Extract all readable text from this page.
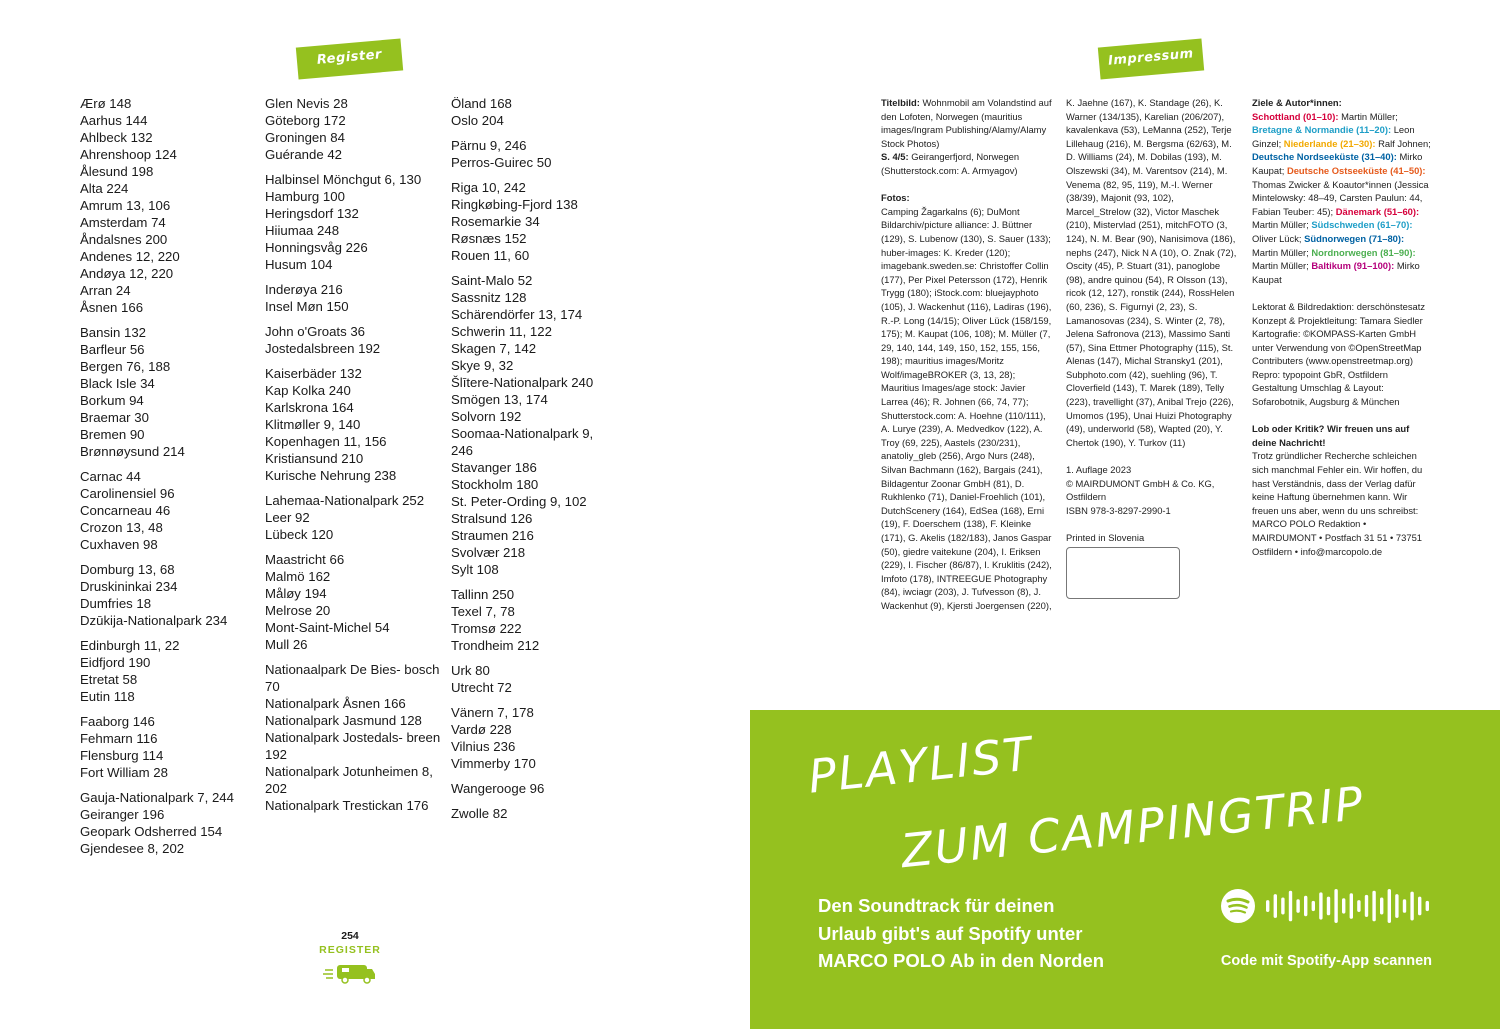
Register	Impressum
Ærø 148
Aarhus 144
Ahlbeck 132
Ahrenshoop 124
Ålesund 198
Alta 224
Amrum 13, 106
Amsterdam 74
Åndalsnes 200
Andenes 12, 220
Andøya 12, 220
Arran 24
Åsnen 166
Bansin 132
Barfleur 56
Bergen 76, 188
Black Isle 34
Borkum 94
Braemar 30
Bremen 90
Brønnøysund 214
Carnac 44
Carolinensiel 96
Concarneau 46
Crozon 13, 48
Cuxhaven 98
Domburg 13, 68
Druskininkai 234
Dumfries 18
Dzūkija-Nationalpark 234
Edinburgh 11, 22
Eidfjord 190
Etretat 58
Eutin 118
Faaborg 146
Fehmarn 116
Flensburg 114
Fort William 28
Gauja-Nationalpark 7, 244
Geiranger 196
Geopark Odsherred 154
Gjendesee 8, 202
Glen Nevis 28
Göteborg 172
Groningen 84
Guérande 42
Halbinsel Mönchgut 6, 130
Hamburg 100
Heringsdorf 132
Hiiumaa 248
Honningsvåg 226
Husum 104
Inderøya 216
Insel Møn 150
John o'Groats 36
Jostedalsbreen 192
Kaiserbäder 132
Kap Kolka 240
Karlskrona 164
Klitmøller 9, 140
Kopenhagen 11, 156
Kristiansund 210
Kurische Nehrung 238
Lahemaa-Nationalpark 252
Leer 92
Lübeck 120
Maastricht 66
Malmö 162
Måløy 194
Melrose 20
Mont-Saint-Michel 54
Mull 26
Nationaalpark De Bies- bosch 70
Nationalpark Åsnen 166
Nationalpark Jasmund 128
Nationalpark Jostedals- breen 192
Nationalpark Jotunheimen 8, 202
Nationalpark Trestickan 176
Öland 168
Oslo 204
Pärnu 9, 246
Perros-Guirec 50
Riga 10, 242
Ringkøbing-Fjord 138
Rosemarkie 34
Røsnæs 152
Rouen 11, 60
Saint-Malo 52
Sassnitz 128
Schärendörfer 13, 174
Schwerin 11, 122
Skagen 7, 142
Skye 9, 32
Šlītere-Nationalpark 240
Smögen 13, 174
Solvorn 192
Soomaa-Nationalpark 9, 246
Stavanger 186
Stockholm 180
St. Peter-Ording 9, 102
Stralsund 126
Straumen 216
Svolvær 218
Sylt 108
Tallinn 250
Texel 7, 78
Tromsø 222
Trondheim 212
Urk 80
Utrecht 72
Vänern 7, 178
Vardø 228
Vilnius 236
Vimmerby 170
Wangerooge 96
Zwolle 82
254
REGISTER

Titelbild: Wohnmobil am Volandstind auf den Lofoten, Norwegen (mauritius images/Ingram Publishing/Alamy/Alamy Stock Photos)
S. 4/5: Geirangerfjord, Norwegen (Shutterstock.com: A. Armyagov)

Fotos:
Camping Žagarkalns (6); DuMont Bildarchiv/picture alliance: J. Büttner (129), S. Lubenow (130), S. Sauer (133); huber-images: K. Kreder (120); imagebank.sweden.se: Christoffer Collin (177), Per Pixel Petersson (172), Henrik Trygg (180); iStock.com: bluejayphoto (105), J. Wackenhut (116), Ladiras (196), R.-P. Long (14/15); Oliver Lück (158/159, 175); M. Kaupat (106, 108); M. Müller (7, 29, 140, 144, 149, 150, 152, 155, 156, 198); mauritius images/Moritz Wolf/imageBROKER (3, 13, 28); Mauritius Images/age stock: Javier Larrea (46); R. Johnen (66, 74, 77); Shutterstock.com: A. Hoehne (110/111), A. Lurye (239), A. Medvedkov (122), A. Troy (69, 225), Aastels (230/231), anatoliy_gleb (256), Argo Nurs (248), Silvan Bachmann (162), Bargais (241), Bildagentur Zoonar GmbH (81), D. Rukhlenko (71), Daniel-Froehlich (101), DutchScenery (164), EdSea (168), Erni (19), F. Doerschem (138), F. Kleinke (171), G. Akelis (182/183), Janos Gaspar (50), giedre vaitekune (204), I. Eriksen (229), I. Fischer (86/87), I. Kruklitis (242), Imfoto (178), INTREEGUE Photography (84), iwciagr (203), J. Tufvesson (8), J. Wackenhut (9), Kjersti Joergensen (220),

K. Jaehne (167), K. Standage (26), K. Warner (134/135), Karelian (206/207), kavalenkava (53), LeManna (252), Terje Lillehaug (216), M. Bergsma (62/63), M. D. Williams (24), M. Dobilas (193), M. Olszewski (34), M. Varentsov (214), M. Venema (82, 95, 119), M.-I. Werner (38/39), Majonit (93, 102), Marcel_Strelow (32), Victor Maschek (210), Mistervlad (251), mitchFOTO (3, 124), N. M. Bear (90), Nanisimova (186), nephs (247), Nick N A (10), O. Znak (72), Oscity (45), P. Stuart (31), panoglobe (98), andre quinou (54), R Olsson (13), ricok (12, 127), ronstik (244), RossHelen (60, 236), S. Figurnyi (2, 23), S. Lamanosovas (234), S. Winter (2, 78), Jelena Safronova (213), Massimo Santi (57), Sina Ettmer Photography (115), St. Alenas (147), Michal Stransky1 (201), Subphoto.com (42), suehling (96), T. Cloverfield (143), T. Marek (189), Telly (223), travellight (37), Anibal Trejo (226), Umomos (195), Unai Huizi Photography (49), underworld (58), Wapted (20), Y. Chertok (190), Y. Turkov (11)

1. Auflage 2023
© MAIRDUMONT GmbH & Co. KG, Ostfildern
ISBN 978-3-8297-2990-1

Printed in Slovenia

Ziele & Autor*innen:
Schottland (01–10): Martin Müller; Bretagne & Normandie (11–20): Leon Ginzel; Niederlande (21–30): Ralf Johnen; Deutsche Nordseeküste (31–40): Mirko Kaupat; Deutsche Ostseeküste (41–50): Thomas Zwicker & Koautor*innen (Jessica Mintelowsky: 48–49, Carsten Paulun: 44, Fabian Teuber: 45); Dänemark (51–60): Martin Müller; Südschweden (61–70): Oliver Lück; Südnorwegen (71–80): Martin Müller; Nordnorwegen (81–90): Martin Müller; Baltikum (91–100): Mirko Kaupat

Lektorat & Bildredaktion: derschönstesatz Konzept & Projektleitung: Tamara Siedler Kartografie: ©KOMPASS-Karten GmbH unter Verwendung von ©OpenStreetMap Contributers (www.openstreetmap.org) Repro: typopoint GbR, Ostfildern Gestaltung Umschlag & Layout: Sofarobotnik, Augsburg & München

Lob oder Kritik? Wir freuen uns auf deine Nachricht!
Trotz gründlicher Recherche schleichen sich manchmal Fehler ein. Wir hoffen, du hast Verständnis, dass der Verlag dafür keine Haftung übernehmen kann. Wir freuen uns aber, wenn du uns schreibst: MARCO POLO Redaktion • MAIRDUMONT • Postfach 31 51 • 73751 Ostfildern • info@marcopolo.de
PLAYLIST
ZUM CAMPINGTRIP
Den Soundtrack für deinen
Urlaub gibt's auf Spotify unter
MARCO POLO Ab in den Norden	Code mit Spotify-App scannen
